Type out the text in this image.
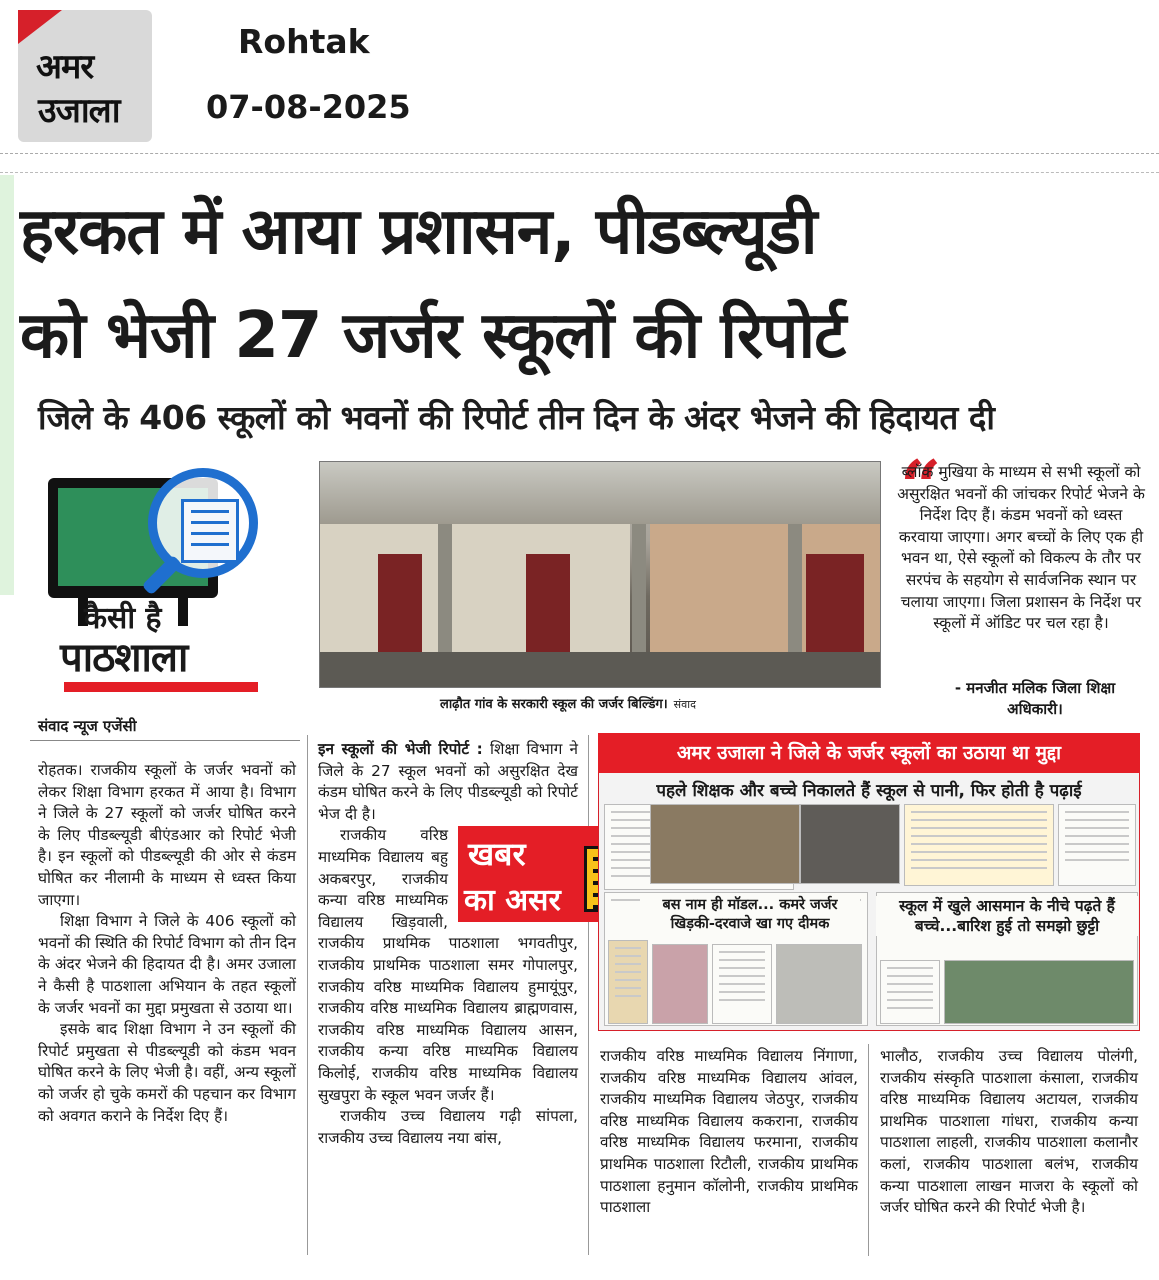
अमर
उजाला
Rohtak
07-08-2025
हरकत में आया प्रशासन, पीडब्ल्यूडी
को भेजी 27 जर्जर स्कूलों की रिपोर्ट
जिले के 406 स्कूलों को भवनों की रिपोर्ट तीन दिन के अंदर भेजने की हिदायत दी
कैसी है
पाठशाला
लाढ़ौत गांव के सरकारी स्कूल की जर्जर बिल्डिंग। संवाद
“
ब्लॉक मुखिया के माध्यम से सभी स्कूलों को असुरक्षित भवनों की जांचकर रिपोर्ट भेजने के निर्देश दिए हैं। कंडम भवनों को ध्वस्त करवाया जाएगा। अगर बच्चों के लिए एक ही भवन था, ऐसे स्कूलों को विकल्प के तौर पर सरपंच के सहयोग से सार्वजनिक स्थान पर चलाया जाएगा। जिला प्रशासन के निर्देश पर स्कूलों में ऑडिट पर चल रहा है।
- मनजीत मलिक जिला शिक्षा अधिकारी।
संवाद न्यूज एजेंसी

रोहतक। राजकीय स्कूलों के जर्जर भवनों को लेकर शिक्षा विभाग हरकत में आया है। विभाग ने जिले के 27 स्कूलों को जर्जर घोषित करने के लिए पीडब्ल्यूडी बीएंडआर को रिपोर्ट भेजी है। इन स्कूलों को पीडब्ल्यूडी की ओर से कंडम घोषित कर नीलामी के माध्यम से ध्वस्त किया जाएगा।

शिक्षा विभाग ने जिले के 406 स्कूलों को भवनों की स्थिति की रिपोर्ट विभाग को तीन दिन के अंदर भेजने की हिदायत दी है। अमर उजाला ने कैसी है पाठशाला अभियान के तहत स्कूलों के जर्जर भवनों का मुद्दा प्रमुखता से उठाया था।

इसके बाद शिक्षा विभाग ने उन स्कूलों की रिपोर्ट प्रमुखता से पीडब्ल्यूडी को कंडम भवन घोषित करने के लिए भेजी है। वहीं, अन्य स्कूलों को जर्जर हो चुके कमरों की पहचान कर विभाग को अवगत कराने के निर्देश दिए हैं।

इन स्कूलों की भेजी रिपोर्ट : शिक्षा विभाग ने जिले के 27 स्कूल भवनों को असुरक्षित देख कंडम घोषित करने के लिए पीडब्ल्यूडी को रिपोर्ट भेज दी है।

राजकीय वरिष्ठ माध्यमिक विद्यालय बहु अकबरपुर, राजकीय कन्या वरिष्ठ माध्यमिक विद्यालय खिड़वाली, राजकीय प्राथमिक पाठशाला भगवतीपुर, राजकीय प्राथमिक पाठशाला समर गोपालपुर, राजकीय वरिष्ठ माध्यमिक विद्यालय हुमायूंपुर, राजकीय वरिष्ठ माध्यमिक विद्यालय ब्राह्मणवास, राजकीय वरिष्ठ माध्यमिक विद्यालय आसन, राजकीय कन्या वरिष्ठ माध्यमिक विद्यालय किलोई, राजकीय वरिष्ठ माध्यमिक विद्यालय सुखपुरा के स्कूल भवन जर्जर हैं।

राजकीय उच्च विद्यालय गढ़ी सांपला, राजकीय उच्च विद्यालय नया बांस,

खबर
का असर
अमर उजाला ने जिले के जर्जर स्कूलों का उठाया था मुद्दा
पहले शिक्षक और बच्चे निकालते हैं स्कूल से पानी, फिर होती है पढ़ाई
बस नाम ही मॉडल... कमरे जर्जर खिड़की-दरवाजे खा गए दीमक
स्कूल में खुले आसमान के नीचे पढ़ते हैं बच्चे...बारिश हुई तो समझो छुट्टी

राजकीय वरिष्ठ माध्यमिक विद्यालय निंगाणा, राजकीय वरिष्ठ माध्यमिक विद्यालय आंवल, राजकीय माध्यमिक विद्यालय जेठपुर, राजकीय वरिष्ठ माध्यमिक विद्यालय ककराना, राजकीय वरिष्ठ माध्यमिक विद्यालय फरमाना, राजकीय प्राथमिक पाठशाला रिटौली, राजकीय प्राथमिक पाठशाला हनुमान कॉलोनी, राजकीय प्राथमिक पाठशाला

भालौठ, राजकीय उच्च विद्यालय पोलंगी, राजकीय संस्कृति पाठशाला कंसाला, राजकीय वरिष्ठ माध्यमिक विद्यालय अटायल, राजकीय प्राथमिक पाठशाला गांधरा, राजकीय कन्या पाठशाला लाहली, राजकीय पाठशाला कलानौर कलां, राजकीय पाठशाला बलंभ, राजकीय कन्या पाठशाला लाखन माजरा के स्कूलों को जर्जर घोषित करने की रिपोर्ट भेजी है।
